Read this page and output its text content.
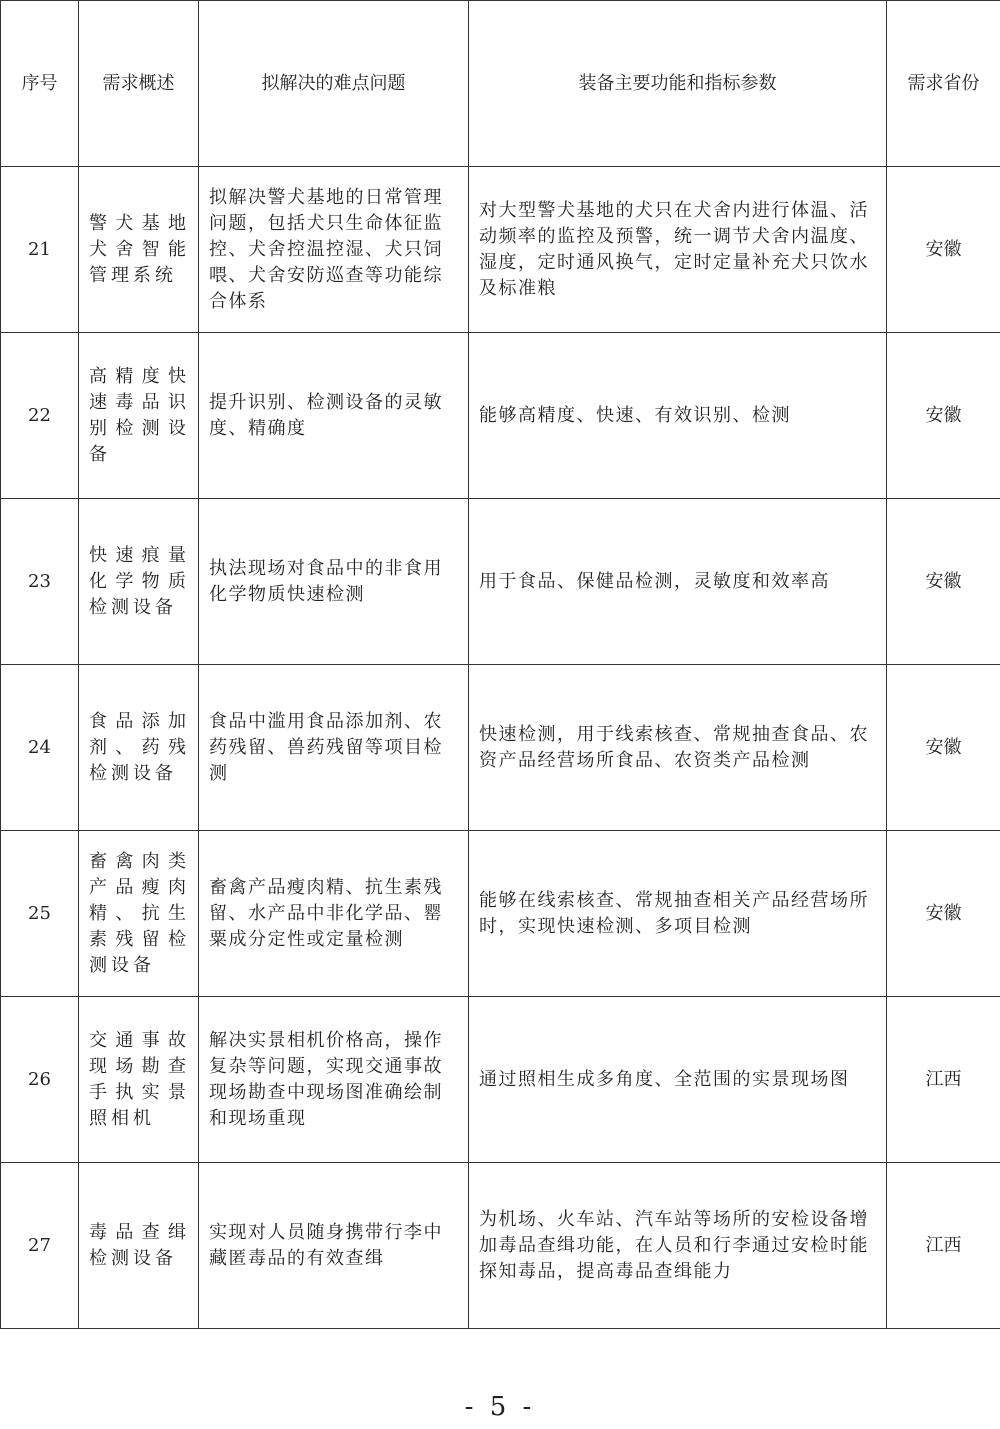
序号	需求概述	拟解决的难点问题	装备主要功能和指标参数	需求省份
21	警犬基地犬舍智能管理系统	拟解决警犬基地的日常管理问题，包括犬只生命体征监控、犬舍控温控湿、犬只饲喂、犬舍安防巡查等功能综合体系	对大型警犬基地的犬只在犬舍内进行体温、活动频率的监控及预警，统一调节犬舍内温度、湿度，定时通风换气，定时定量补充犬只饮水及标准粮	安徽
22	高精度快速毒品识别检测设备	提升识别、检测设备的灵敏度、精确度	能够高精度、快速、有效识别、检测	安徽
23	快速痕量化学物质检测设备	执法现场对食品中的非食用化学物质快速检测	用于食品、保健品检测，灵敏度和效率高	安徽
24	食品添加剂、药残检测设备	食品中滥用食品添加剂、农药残留、兽药残留等项目检测	快速检测，用于线索核查、常规抽查食品、农资产品经营场所食品、农资类产品检测	安徽
25	畜禽肉类产品瘦肉精、抗生素残留检测设备	畜禽产品瘦肉精、抗生素残留、水产品中非化学品、罂粟成分定性或定量检测	能够在线索核查、常规抽查相关产品经营场所时，实现快速检测、多项目检测	安徽
26	交通事故现场勘查手执实景照相机	解决实景相机价格高，操作复杂等问题，实现交通事故现场勘查中现场图准确绘制和现场重现	通过照相生成多角度、全范围的实景现场图	江西
27	毒品查缉检测设备	实现对人员随身携带行李中藏匿毒品的有效查缉	为机场、火车站、汽车站等场所的安检设备增加毒品查缉功能，在人员和行李通过安检时能探知毒品，提高毒品查缉能力	江西
- 5 -
